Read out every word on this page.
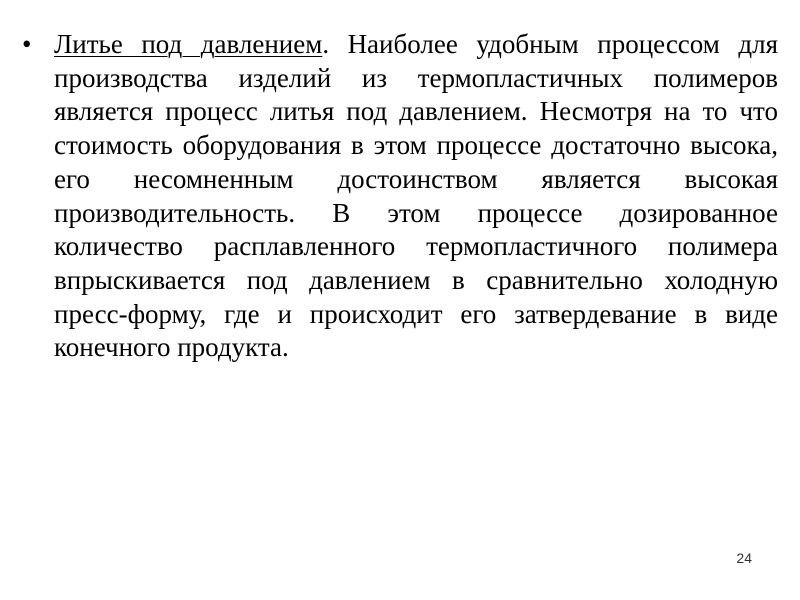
• Литье под давлением. Наиболее удобным процессом для производства изделий из термопластичных полимеров является процесс литья под давлением. Несмотря на то что стоимость оборудования в этом процессе достаточно высока, его несомненным достоинством является высокая производительность. В этом процессе дозированное количество расплавленного термопластичного полимера впрыскивается под давлением в сравнительно холодную пресс-форму, где и происходит его затвердевание в виде конечного продукта.

24
